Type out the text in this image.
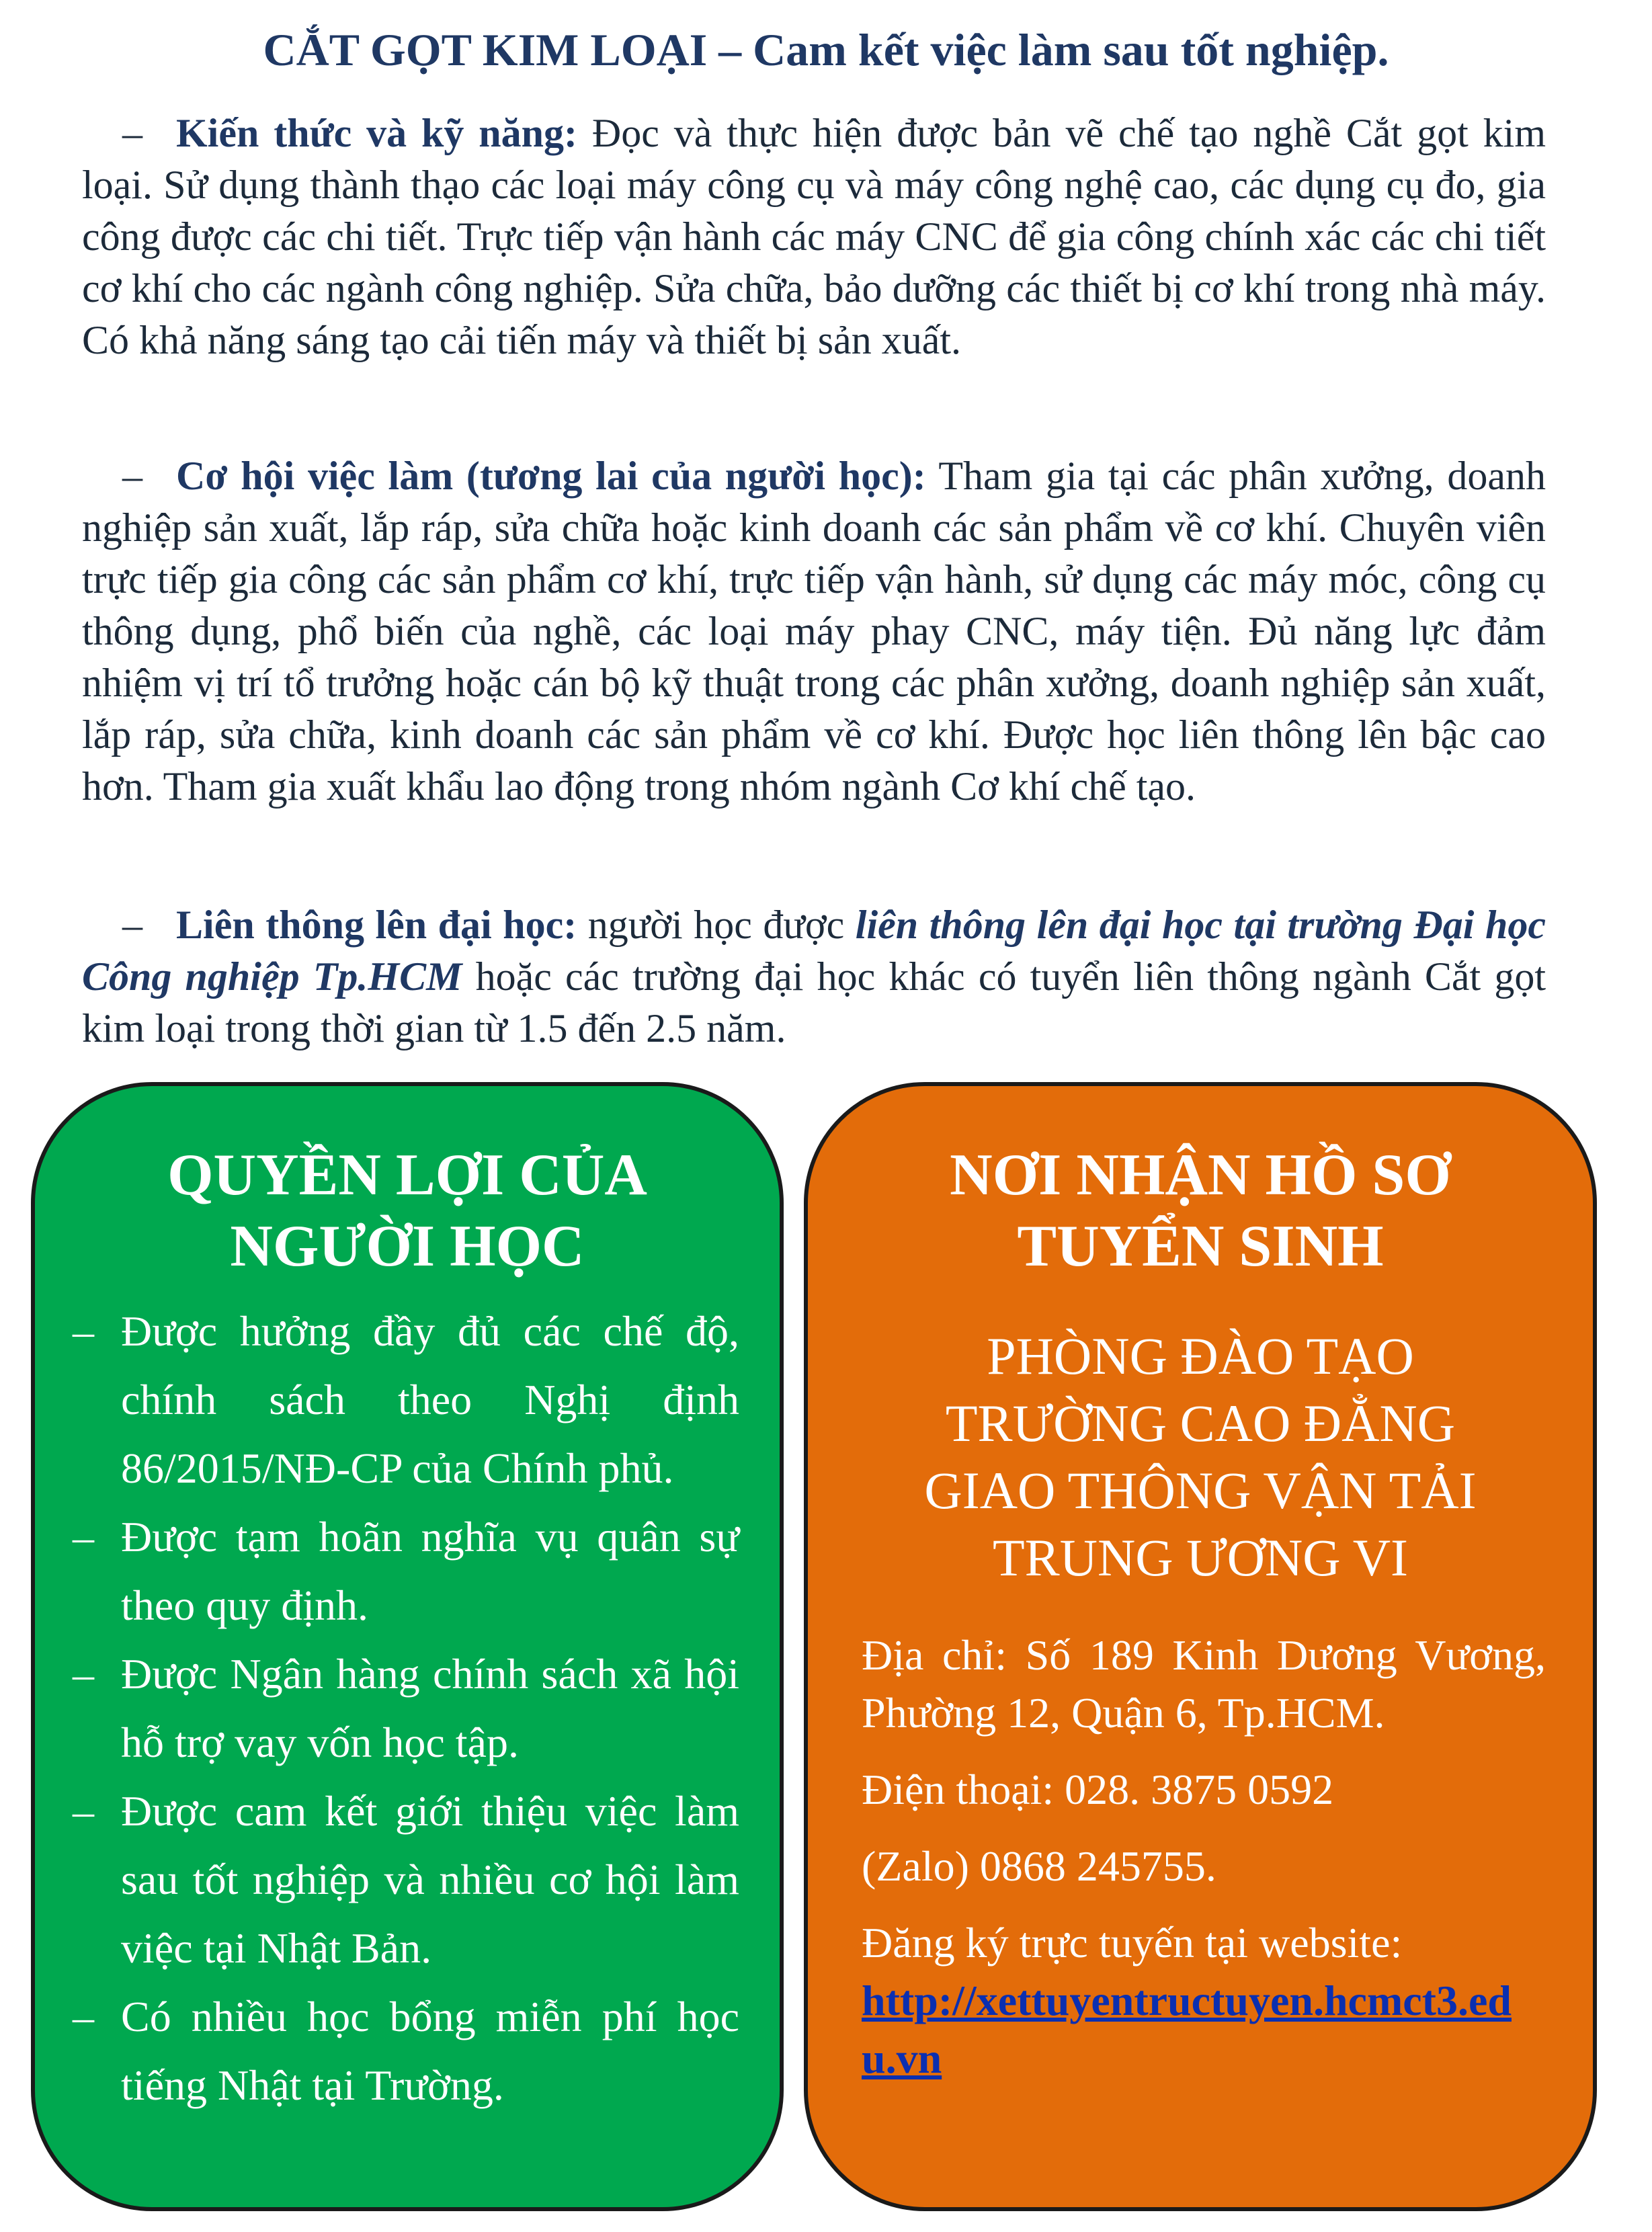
CẮT GỌT KIM LOẠI – Cam kết việc làm sau tốt nghiệp.

– Kiến thức và kỹ năng: Đọc và thực hiện được bản vẽ chế tạo nghề Cắt gọt kim loại. Sử dụng thành thạo các loại máy công cụ và máy công nghệ cao, các dụng cụ đo, gia công được các chi tiết. Trực tiếp vận hành các máy CNC để gia công chính xác các chi tiết cơ khí cho các ngành công nghiệp. Sửa chữa, bảo dưỡng các thiết bị cơ khí trong nhà máy. Có khả năng sáng tạo cải tiến máy và thiết bị sản xuất.

– Cơ hội việc làm (tương lai của người học): Tham gia tại các phân xưởng, doanh nghiệp sản xuất, lắp ráp, sửa chữa hoặc kinh doanh các sản phẩm về cơ khí. Chuyên viên trực tiếp gia công các sản phẩm cơ khí, trực tiếp vận hành, sử dụng các máy móc, công cụ thông dụng, phổ biến của nghề, các loại máy phay CNC, máy tiện. Đủ năng lực đảm nhiệm vị trí tổ trưởng hoặc cán bộ kỹ thuật trong các phân xưởng, doanh nghiệp sản xuất, lắp ráp, sửa chữa, kinh doanh các sản phẩm về cơ khí. Được học liên thông lên bậc cao hơn. Tham gia xuất khẩu lao động trong nhóm ngành Cơ khí chế tạo.

– Liên thông lên đại học: người học được liên thông lên đại học tại trường Đại học Công nghiệp Tp.HCM hoặc các trường đại học khác có tuyển liên thông ngành Cắt gọt kim loại trong thời gian từ 1.5 đến 2.5 năm.

QUYỀN LỢI CỦA
NGƯỜI HỌC
– Được hưởng đầy đủ các chế độ, chính sách theo Nghị định 86/2015/NĐ-CP của Chính phủ.
– Được tạm hoãn nghĩa vụ quân sự theo quy định.
– Được Ngân hàng chính sách xã hội hỗ trợ vay vốn học tập.
– Được cam kết giới thiệu việc làm sau tốt nghiệp và nhiều cơ hội làm việc tại Nhật Bản.
– Có nhiều học bổng miễn phí học tiếng Nhật tại Trường.
NƠI NHẬN HỒ SƠ
TUYỂN SINH
PHÒNG ĐÀO TẠO
TRƯỜNG CAO ĐẲNG
GIAO THÔNG VẬN TẢI
TRUNG ƯƠNG VI

Địa chỉ: Số 189 Kinh Dương Vương, Phường 12, Quận 6, Tp.HCM.

Điện thoại: 028. 3875 0592

(Zalo) 0868 245755.

Đăng ký trực tuyến tại website:
http://xettuyentructuyen.hcmct3.edu.vn
